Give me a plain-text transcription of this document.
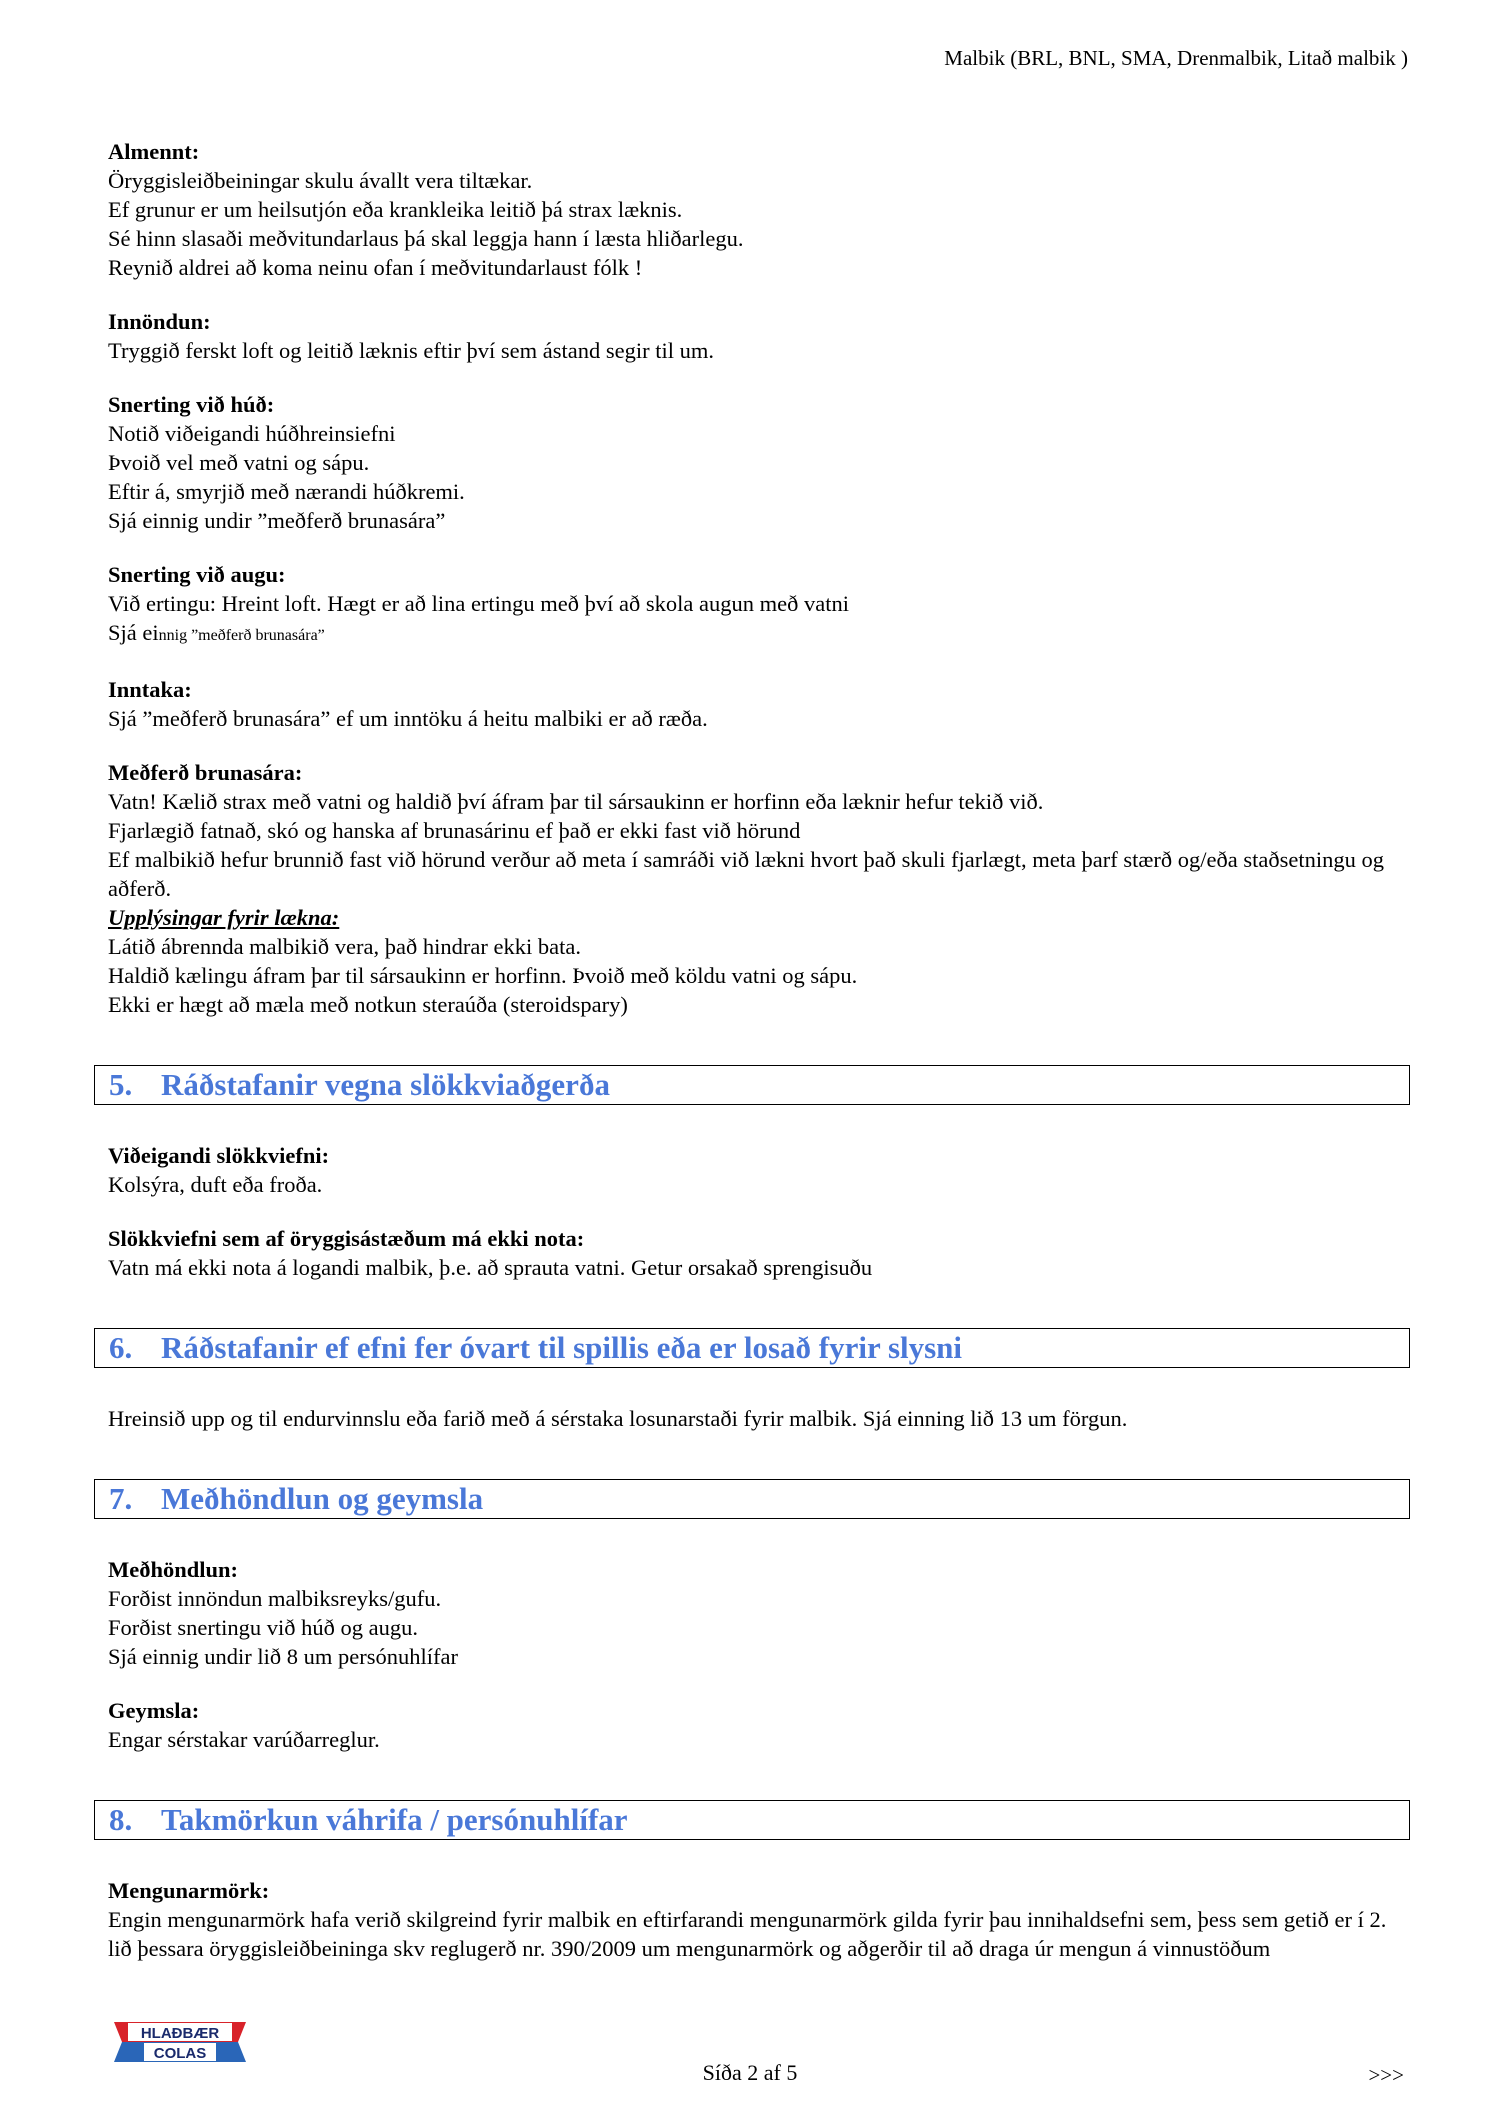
Malbik (BRL, BNL, SMA, Drenmalbik, Litað malbik )

Almennt:

Öryggisleiðbeiningar skulu ávallt vera tiltækar.

Ef grunur er um heilsutjón eða krankleika leitið þá strax læknis.

Sé hinn slasaði meðvitundarlaus þá skal leggja hann í læsta hliðarlegu.

Reynið aldrei að koma neinu ofan í meðvitundarlaust fólk !

Innöndun:

Tryggið ferskt loft og leitið læknis eftir því sem ástand segir til um.

Snerting við húð:

Notið viðeigandi húðhreinsiefni

Þvoið vel með vatni og sápu.

Eftir á, smyrjið með nærandi húðkremi.

Sjá einnig undir ”meðferð brunasára”

Snerting við augu:

Við ertingu: Hreint loft. Hægt er að lina ertingu með því að skola augun með vatni

Sjá einnig ”meðferð brunasára”

Inntaka:

Sjá ”meðferð brunasára” ef um inntöku á heitu malbiki er að ræða.

Meðferð brunasára:

Vatn! Kælið strax með vatni og haldið því áfram þar til sársaukinn er horfinn eða læknir hefur tekið við.

Fjarlægið fatnað, skó og hanska af brunasárinu ef það er ekki fast við hörund

Ef malbikið hefur brunnið fast við hörund verður að meta í samráði við lækni hvort það skuli fjarlægt, meta þarf stærð og/eða staðsetningu og aðferð.

Upplýsingar fyrir lækna:

Látið ábrennda malbikið vera, það hindrar ekki bata.

Haldið kælingu áfram þar til sársaukinn er horfinn. Þvoið með köldu vatni og sápu.

Ekki er hægt að mæla með notkun steraúða (steroidspary)

5. Ráðstafanir vegna slökkviaðgerða

Viðeigandi slökkviefni:

Kolsýra, duft eða froða.

Slökkviefni sem af öryggisástæðum má ekki nota:

Vatn má ekki nota á logandi malbik, þ.e. að sprauta vatni. Getur orsakað sprengisuðu

6. Ráðstafanir ef efni fer óvart til spillis eða er losað fyrir slysni

Hreinsið upp og til endurvinnslu eða farið með á sérstaka losunarstaði fyrir malbik. Sjá einning lið 13 um förgun.

7. Meðhöndlun og geymsla

Meðhöndlun:

Forðist innöndun malbiksreyks/gufu.

Forðist snertingu við húð og augu.

Sjá einnig undir lið 8 um persónuhlífar

Geymsla:

Engar sérstakar varúðarreglur.

8. Takmörkun váhrifa / persónuhlífar

Mengunarmörk:

Engin mengunarmörk hafa verið skilgreind fyrir malbik en eftirfarandi mengunarmörk gilda fyrir þau innihaldsefni sem, þess sem getið er í 2. lið þessara öryggisleiðbeininga skv reglugerð nr. 390/2009 um mengunarmörk og aðgerðir til að draga úr mengun á vinnustöðum

HLAÐBÆR
COLAS
Síða 2 af 5	>>>
